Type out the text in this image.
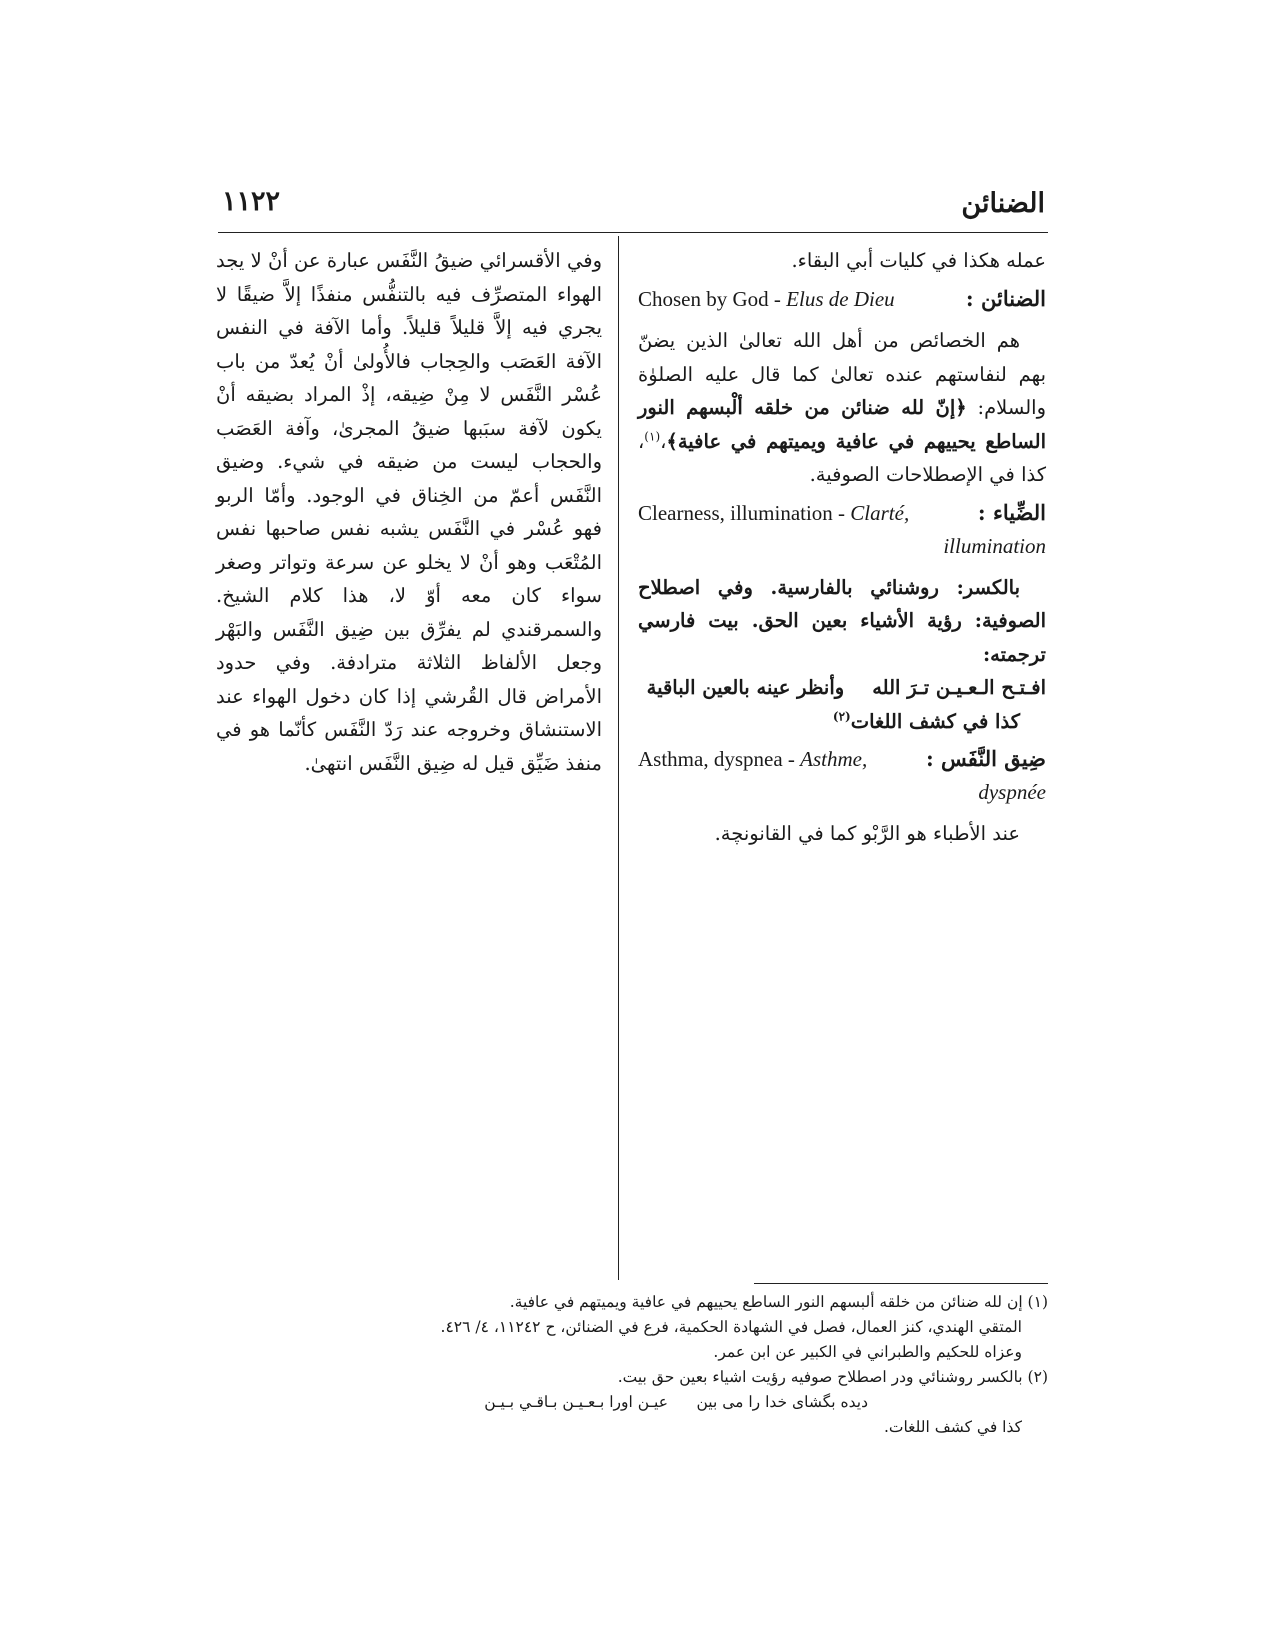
الضنائن
١١٢٢

عمله هكذا في كليات أبي البقاء.

الضنائن :
Chosen by God - Elus de Dieu

هم الخصائص من أهل الله تعالىٰ الذين يضنّ بهم لنفاستهم عنده تعالىٰ كما قال عليه الصلوٰة والسلام: ﴿إنّ لله ضنائن من خلقه ألْبسهم النور الساطع يحييهم في عافية ويميتهم في عافية﴾،$^{(١)}$، كذا في الإصطلاحات الصوفية.

الضِّياء :
Clearness, illumination - Clarté,
illumination

بالكسر: روشنائي بالفارسية. وفي اصطلاح الصوفية: رؤية الأشياء بعين الحق. بيت فارسي ترجمته:

افـتـح الـعـيـن تـرَ اللهوأنظر عينه بالعين الباقية

كذا في كشف اللغات$^{(٢)}$

ضِيق النَّفَس :
Asthma, dyspnea - Asthme,
dyspnée

عند الأطباء هو الرَّبْو كما في القانونچة.

وفي الأقسرائي ضيقُ النَّفَس عبارة عن أنْ لا يجد الهواء المتصرِّف فيه بالتنفُّس منفذًا إلاَّ ضيقًا لا يجري فيه إلاَّ قليلاً قليلاً. وأما الآفة في النفس الآفة العَصَب والحِجاب فالأُولىٰ أنْ يُعدّ من باب عُسْر النَّفَس لا مِنْ ضِيقه، إذْ المراد بضيقه أنْ يكون لآفة سبَبها ضيقُ المجرىٰ، وآفة العَصَب والحجاب ليست من ضيقه في شيء. وضيق النَّفَس أعمّ من الخِناق في الوجود. وأمّا الربو فهو عُسْر في النَّفَس يشبه نفس صاحبها نفس المُتْعَب وهو أنْ لا يخلو عن سرعة وتواتر وصغر سواء كان معه أوّ لا، هذا كلام الشيخ. والسمرقندي لم يفرِّق بين ضِيق النَّفَس والبَهْر وجعل الألفاظ الثلاثة مترادفة. وفي حدود الأمراض قال القُرشي إذا كان دخول الهواء عند الاستنشاق وخروجه عند رَدّ النَّفَس كأنّما هو في منفذ ضَيِّق قيل له ضِيق النَّفَس انتهىٰ.

(١) إن لله ضنائن من خلقه ألبسهم النور الساطع يحييهم في عافية ويميتهم في عافية.

المتقي الهندي، كنز العمال، فصل في الشهادة الحكمية، فرع في الضنائن، ح ١١٢٤٢، ٤/ ٤٢٦.

وعزاه للحكيم والطبراني في الكبير عن ابن عمر.

(٢) بالكسر روشنائي ودر اصطلاح صوفيه رؤيت اشياء بعين حق بيت.

ديده بگشاى خدا را مى بين
عيـن اورا بـعـيـن بـاقـي بـيـن

كذا في كشف اللغات.
